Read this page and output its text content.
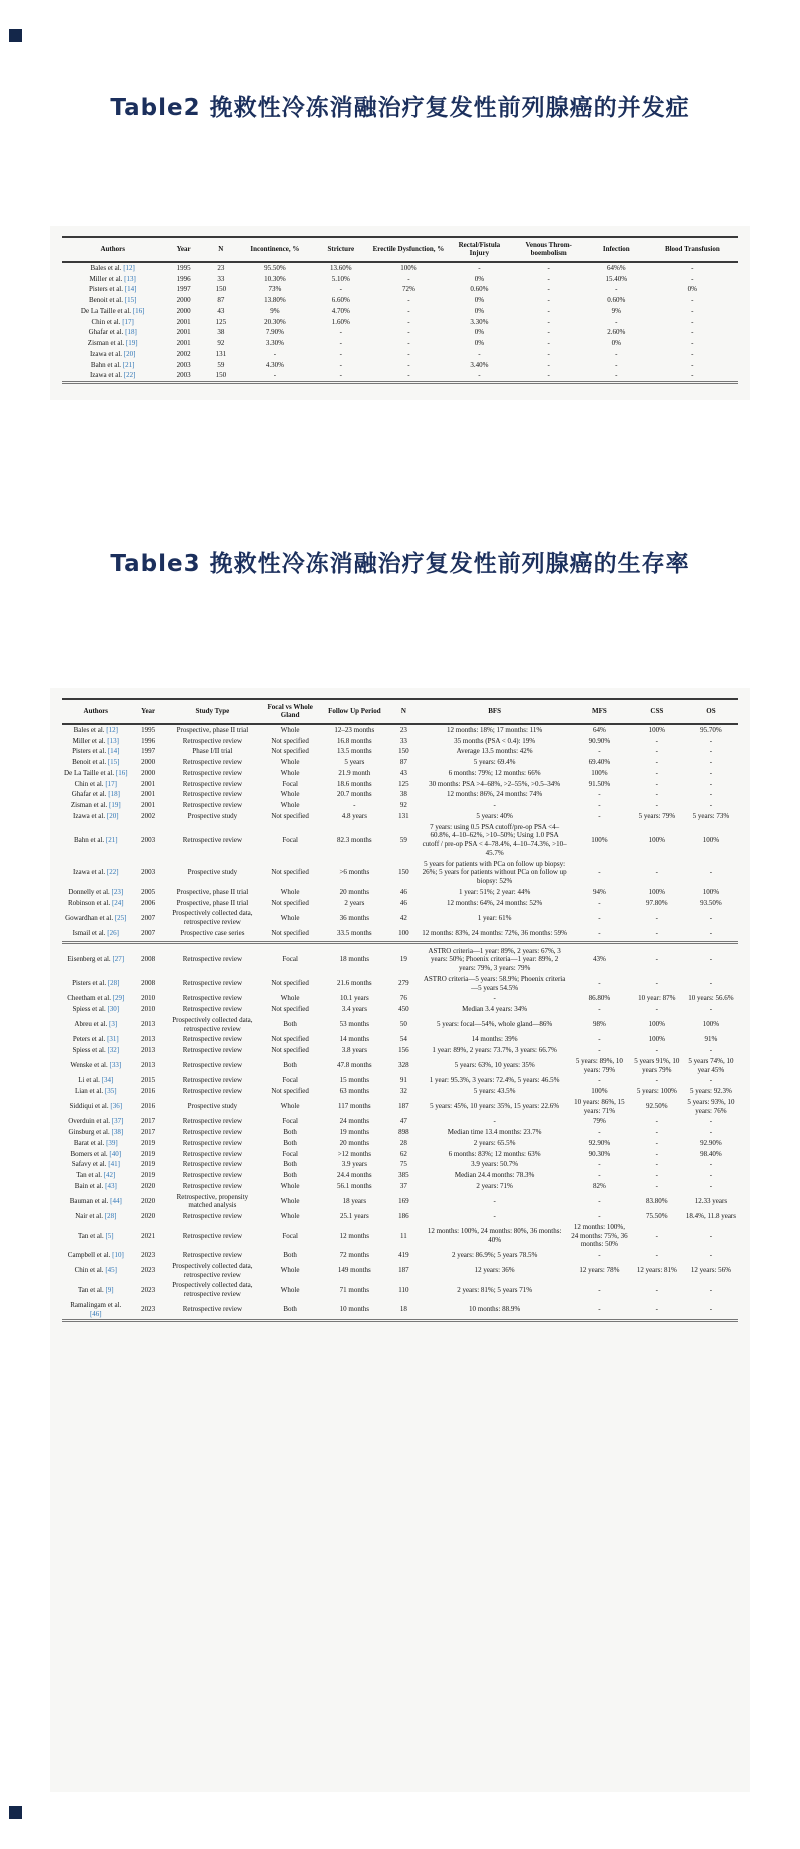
Table2 挽救性冷冻消融治疗复发性前列腺癌的并发症
Authors	Year	N	Incontinence, %	Stricture	Erectile Dysfunction, %	Rectal/Fistula Injury	Venous Throm- boembolism	Infection	Blood Transfusion
Bales et al. [12]	1995	23	95.50%	13.60%	100%	-	-	64%%	-
Miller et al. [13]	1996	33	10.30%	5.10%	-	0%	-	15.40%	-
Pisters et al. [14]	1997	150	73%	-	72%	0.60%	-	-	0%
Benoit et al. [15]	2000	87	13.80%	6.60%	-	0%	-	0.60%	-
De La Taille et al. [16]	2000	43	9%	4.70%	-	0%	-	9%	-
Chin et al. [17]	2001	125	20.30%	1.60%	-	3.30%	-	-	-
Ghafar et al. [18]	2001	38	7.90%	-	-	0%	-	2.60%	-
Zisman et al. [19]	2001	92	3.30%	-	-	0%	-	0%	-
Izawa et al. [20]	2002	131	-	-	-	-	-	-	-
Bahn et al. [21]	2003	59	4.30%	-	-	3.40%	-	-	-
Izawa et al. [22]	2003	150	-	-	-	-	-	-	-
Table3 挽救性冷冻消融治疗复发性前列腺癌的生存率
Authors	Year	Study Type	Focal vs Whole Gland	Follow Up Period	N	BFS	MFS	CSS	OS
Bales et al. [12]	1995	Prospective, phase II trial	Whole	12–23 months	23	12 months: 18%; 17 months: 11%	64%	100%	95.70%
Miller et al. [13]	1996	Retrospective review	Not specified	16.8 months	33	35 months (PSA < 0.4): 19%	90.90%	-	-
Pisters et al. [14]	1997	Phase I/II trial	Not specified	13.5 months	150	Average 13.5 months: 42%	-	-	-
Benoit et al. [15]	2000	Retrospective review	Whole	5 years	87	5 years: 69.4%	69.40%	-	-
De La Taille et al. [16]	2000	Retrospective review	Whole	21.9 month	43	6 months: 79%; 12 months: 66%	100%	-	-
Chin et al. [17]	2001	Retrospective review	Focal	18.6 months	125	30 months: PSA >4–68%, >2–55%, >0.5–34%	91.50%	-	-
Ghafar et al. [18]	2001	Retrospective review	Whole	20.7 months	38	12 months: 86%, 24 months: 74%	-	-	-
Zisman et al. [19]	2001	Retrospective review	Whole	-	92	-	-	-	-
Izawa et al. [20]	2002	Prospective study	Not specified	4.8 years	131	5 years: 40%	-	5 years: 79%	5 years: 73%
Bahn et al. [21]	2003	Retrospective review	Focal	82.3 months	59	7 years: using 0.5 PSA cutoff/pre-op PSA <4–60.8%, 4–10–62%, >10–50%; Using 1.0 PSA cutoff / pre-op PSA < 4–78.4%, 4–10–74.3%, >10–45.7%	100%	100%	100%
Izawa et al. [22]	2003	Prospective study	Not specified	>6 months	150	5 years for patients with PCa on follow up biopsy: 26%; 5 years for patients without PCa on follow up biopsy: 52%	-	-	-
Donnelly et al. [23]	2005	Prospective, phase II trial	Whole	20 months	46	1 year: 51%; 2 year: 44%	94%	100%	100%
Robinson et al. [24]	2006	Prospective, phase II trial	Not specified	2 years	46	12 months: 64%, 24 months: 52%	-	97.80%	93.50%
Gowardhan et al. [25]	2007	Prospectively collected data, retrospective review	Whole	36 months	42	1 year: 61%	-	-	-
Ismail et al. [26]	2007	Prospective case series	Not specified	33.5 months	100	12 months: 83%, 24 months: 72%, 36 months: 59%	-	-	-
Eisenberg et al. [27]	2008	Retrospective review	Focal	18 months	19	ASTRO criteria—1 year: 89%, 2 years: 67%, 3 years: 50%; Phoenix criteria—1 year: 89%, 2 years: 79%, 3 years: 79%	43%	-	-
Pisters et al. [28]	2008	Retrospective review	Not specified	21.6 months	279	ASTRO criteria—5 years: 58.9%; Phoenix criteria—5 years 54.5%	-	-	-
Cheetham et al. [29]	2010	Retrospective review	Whole	10.1 years	76	-	86.80%	10 year: 87%	10 years: 56.6%
Spiess et al. [30]	2010	Retrospective review	Not specified	3.4 years	450	Median 3.4 years: 34%	-	-	-
Abreu et al. [3]	2013	Prospectively collected data, retrospective review	Both	53 months	50	5 years: focal—54%, whole gland—86%	98%	100%	100%
Peters et al. [31]	2013	Retrospective review	Not specified	14 months	54	14 months: 39%	-	100%	91%
Spiess et al. [32]	2013	Retrospective review	Not specified	3.8 years	156	1 year: 89%, 2 years: 73.7%, 3 years: 66.7%	-	-	-
Wenske et al. [33]	2013	Retrospective review	Both	47.8 months	328	5 years: 63%, 10 years: 35%	5 years: 89%, 10 years: 79%	5 years 91%, 10 years 79%	5 years 74%, 10 year 45%
Li et al. [34]	2015	Retrospective review	Focal	15 months	91	1 year: 95.3%, 3 years: 72.4%, 5 years: 46.5%	-	-	-
Lian et al. [35]	2016	Retrospective review	Not specified	63 months	32	5 years: 43.5%	100%	5 years: 100%	5 years: 92.3%
Siddiqui et al. [36]	2016	Prospective study	Whole	117 months	187	5 years: 45%, 10 years: 35%, 15 years: 22.6%	10 years: 86%, 15 years: 71%	92.50%	5 years: 93%, 10 years: 76%
Overduin et al. [37]	2017	Retrospective review	Focal	24 months	47	-	79%	-	-
Ginsburg et al. [38]	2017	Retrospective review	Both	19 months	898	Median time 13.4 months: 23.7%	-	-	-
Barat et al. [39]	2019	Retrospective review	Both	20 months	28	2 years: 65.5%	92.90%	-	92.90%
Bomers et al. [40]	2019	Retrospective review	Focal	>12 months	62	6 months: 83%; 12 months: 63%	90.30%	-	98.40%
Safavy et al. [41]	2019	Retrospective review	Both	3.9 years	75	3.9 years: 50.7%	-	-	-
Tan et al. [42]	2019	Retrospective review	Both	24.4 months	385	Median 24.4 months: 78.3%	-	-	-
Bain et al. [43]	2020	Retrospective review	Whole	56.1 months	37	2 years: 71%	82%	-	-
Bauman et al. [44]	2020	Retrospective, propensity matched analysis	Whole	18 years	169	-	-	83.80%	12.33 years
Nair et al. [28]	2020	Retrospective review	Whole	25.1 years	186	-	-	75.50%	18.4%, 11.8 years
Tan et al. [5]	2021	Retrospective review	Focal	12 months	11	12 months: 100%, 24 months: 80%, 36 months: 40%	12 months: 100%, 24 months: 75%, 36 months: 50%	-	-
Campbell et al. [10]	2023	Retrospective review	Both	72 months	419	2 years: 86.9%; 5 years 78.5%	-	-	-
Chin et al. [45]	2023	Prospectively collected data, retrospective review	Whole	149 months	187	12 years: 36%	12 years: 78%	12 years: 81%	12 years: 56%
Tan et al. [9]	2023	Prospectively collected data, retrospective review	Whole	71 months	110	2 years: 81%; 5 years 71%	-	-	-
Ramalingam et al. [46]	2023	Retrospective review	Both	10 months	18	10 months: 88.9%	-	-	-
